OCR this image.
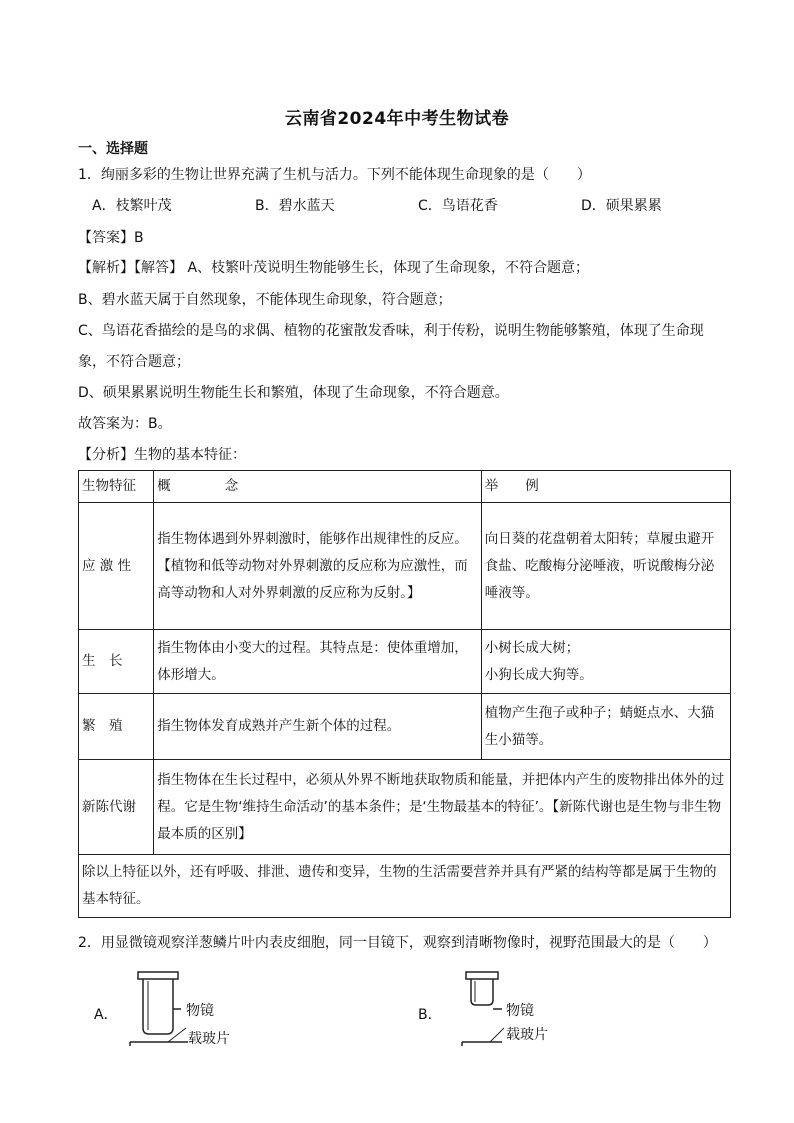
云南省2024年中考生物试卷
一、选择题
1．绚丽多彩的生物让世界充满了生机与活力。下列不能体现生命现象的是（　　）
A．枝繁叶茂	B．碧水蓝天	C．鸟语花香	D．硕果累累
【答案】B
【解析】【解答】 A、枝繁叶茂说明生物能够生长，体现了生命现象，不符合题意；
B、碧水蓝天属于自然现象，不能体现生命现象，符合题意；
C、鸟语花香描绘的是鸟的求偶、植物的花蜜散发香味，利于传粉，说明生物能够繁殖，体现了生命现
象，不符合题意；
D、硕果累累说明生物能生长和繁殖，体现了生命现象，不符合题意。
故答案为：B。
【分析】生物的基本特征：
生物特征	概　　　　念	举　　例
应 激 性	指生物体遇到外界刺激时，能够作出规律性的反应。【植物和低等动物对外界刺激的反应称为应激性，而高等动物和人对外界刺激的反应称为反射。】	向日葵的花盘朝着太阳转；草履虫避开食盐、吃酸梅分泌唾液，听说酸梅分泌唾液等。
生　长	指生物体由小变大的过程。其特点是：使体重增加，体形增大。	小树长成大树；
小狗长成大狗等。
繁　殖	指生物体发育成熟并产生新个体的过程。	植物产生孢子或种子；蜻蜓点水、大猫生小猫等。
新陈代谢	指生物体在生长过程中，必须从外界不断地获取物质和能量，并把体内产生的废物排出体外的过程。它是生物‘维持生命活动’的基本条件；是‘生物最基本的特征’。【新陈代谢也是生物与非生物最本质的区别】	
除以上特征以外，还有呼吸、排泄、遗传和变异，生物的生活需要营养并具有严紧的结构等都是属于生物的基本特征。		
2．用显微镜观察洋葱鳞片叶内表皮细胞，同一目镜下，观察到清晰物像时，视野范围最大的是（　　）
A．	物镜
载玻片
B．	物镜
载玻片
